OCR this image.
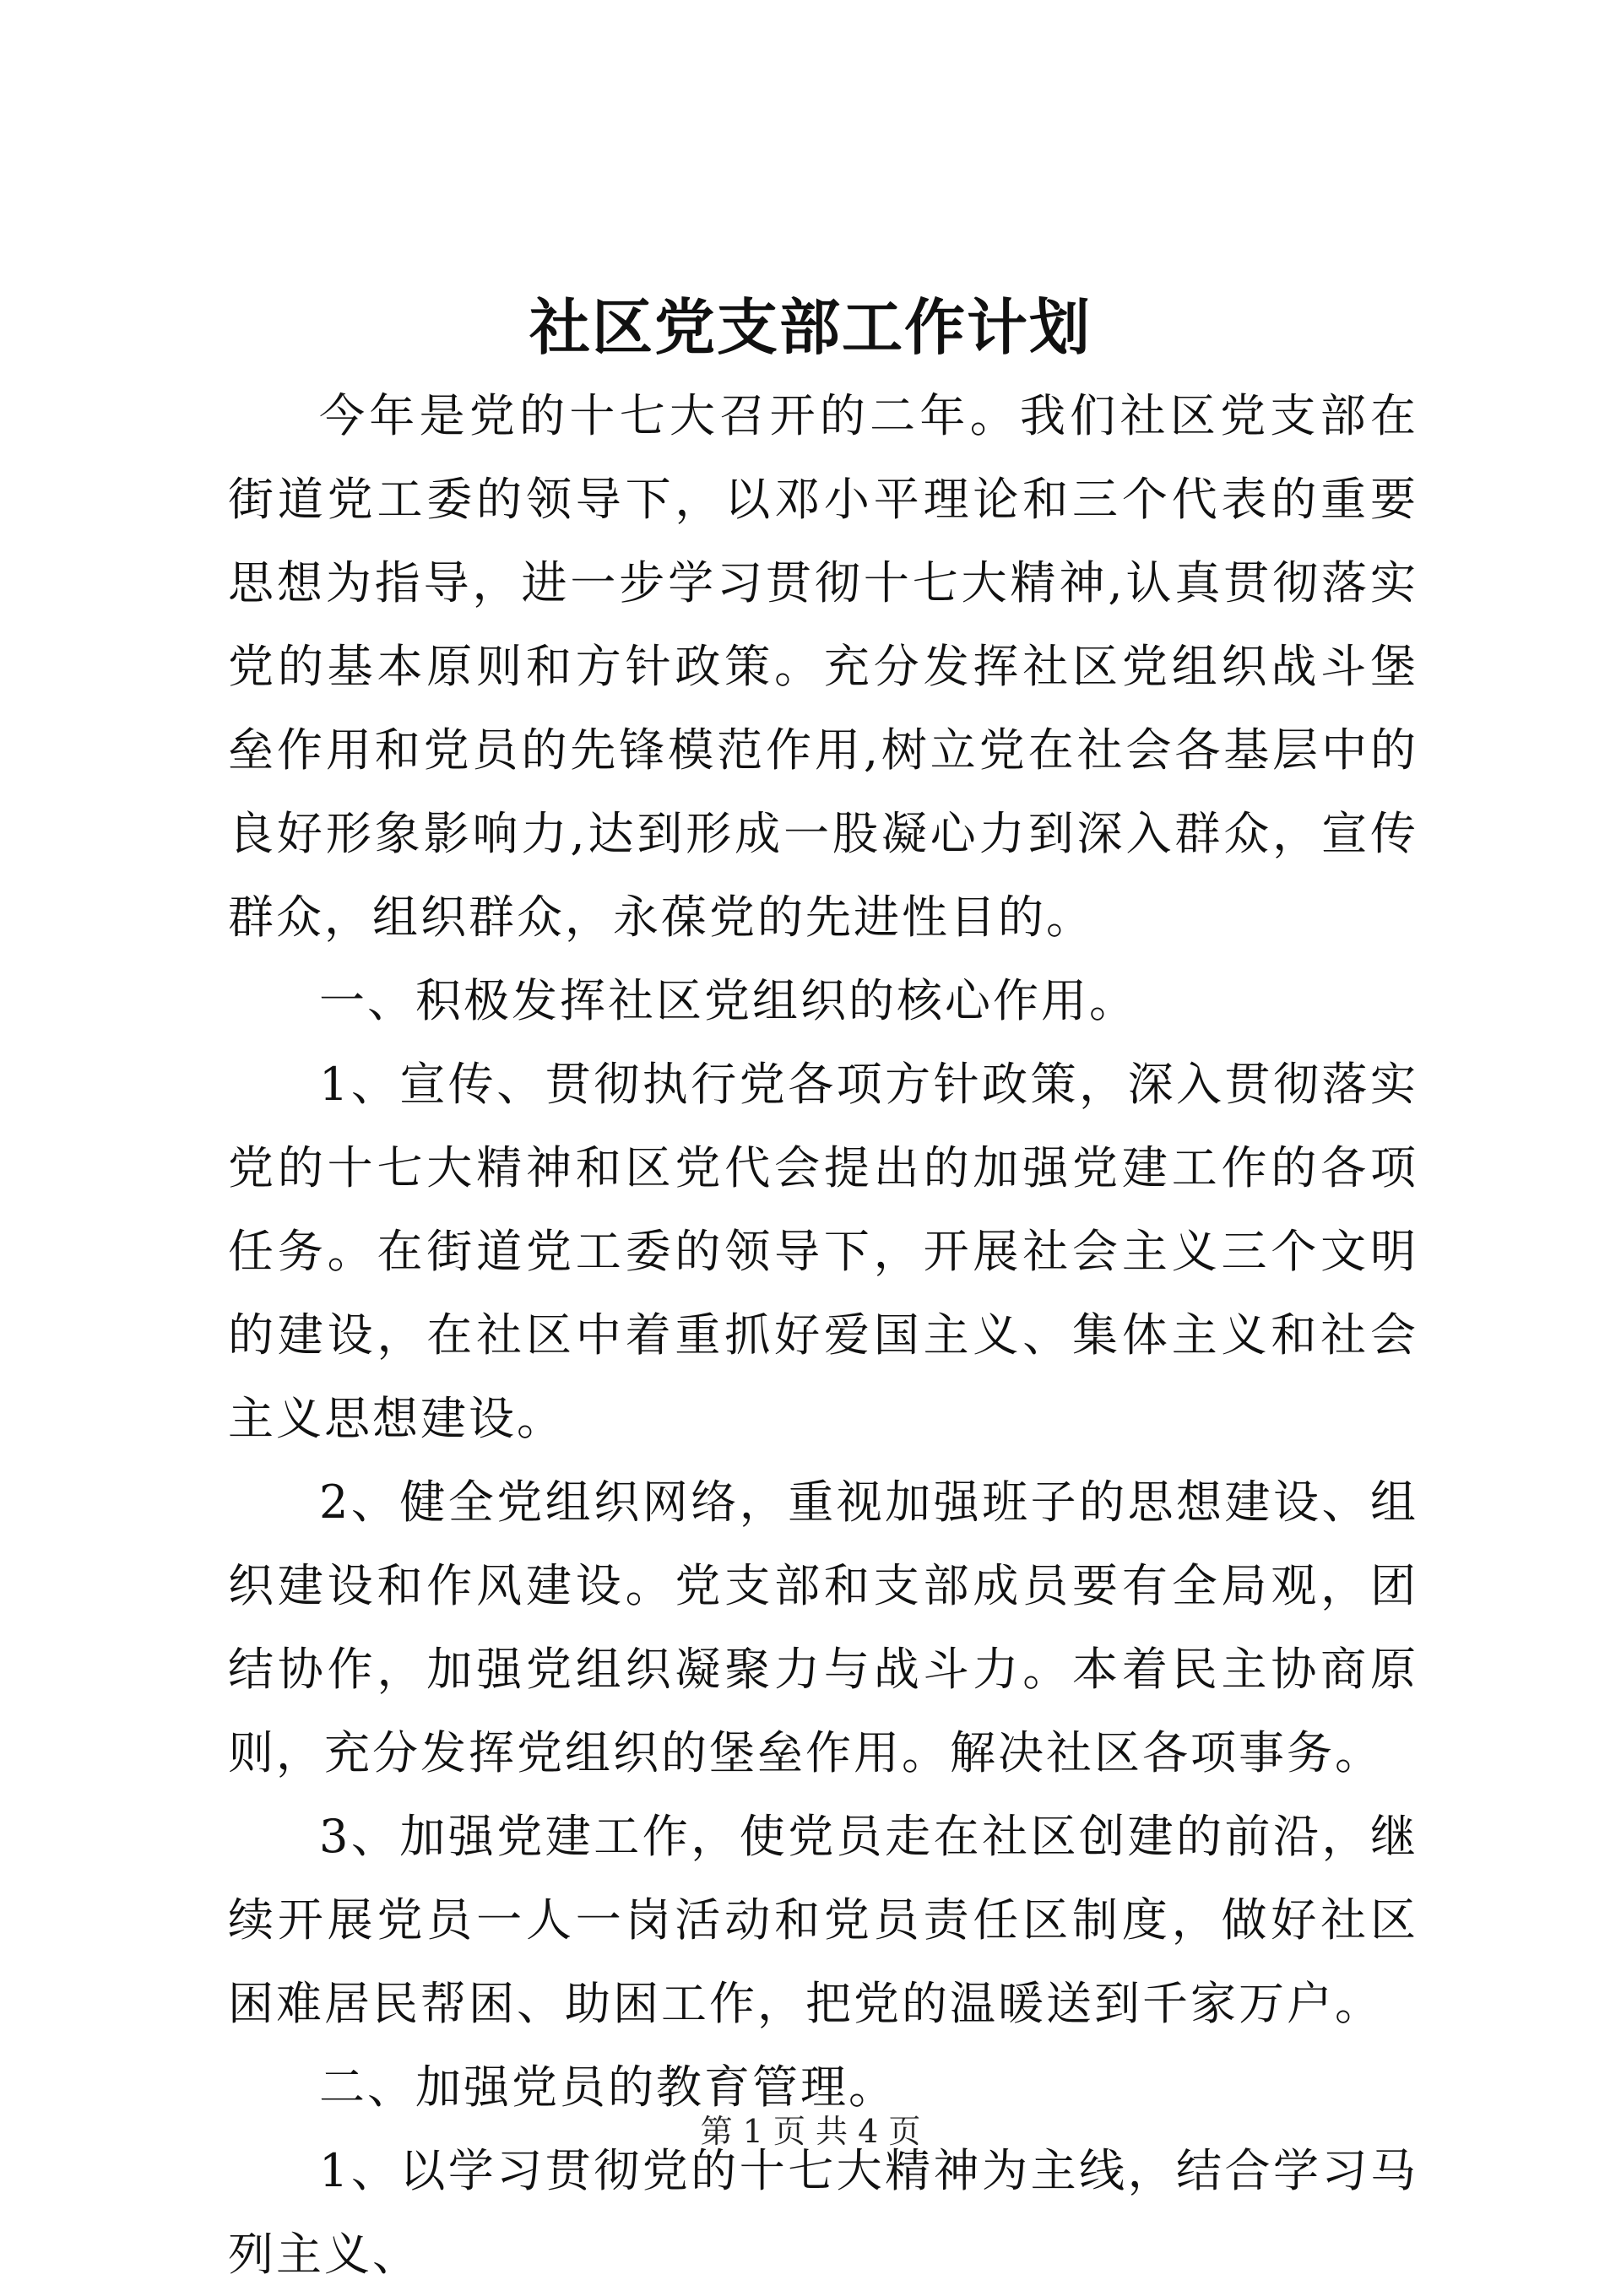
社区党支部工作计划

今年是党的十七大召开的二年。我们社区党支部在街道党工委的领导下，以邓小平理论和三个代表的重要思想为指导，进一步学习贯彻十七大精神,认真贯彻落实党的基本原则和方针政策。充分发挥社区党组织战斗堡垒作用和党员的先锋模范作用,树立党在社会各基层中的良好形象影响力,达到形成一股凝心力到深入群众，宣传群众，组织群众，永葆党的先进性目的。

一、积极发挥社区党组织的核心作用。

1、宣传、贯彻执行党各项方针政策，深入贯彻落实党的十七大精神和区党代会提出的加强党建工作的各项任务。在街道党工委的领导下，开展社会主义三个文明的建设，在社区中着重抓好爱国主义、集体主义和社会主义思想建设。

2、健全党组织网络，重视加强班子的思想建设、组织建设和作风建设。党支部和支部成员要有全局观，团结协作，加强党组织凝聚力与战斗力。本着民主协商原则，充分发挥党组织的堡垒作用。解决社区各项事务。

3、加强党建工作，使党员走在社区创建的前沿，继续开展党员一人一岗活动和党员责任区制度，做好社区困难居民帮困、助困工作，把党的温暖送到千家万户。

二、加强党员的教育管理。

1、以学习贯彻党的十七大精神为主线，结合学习马列主义、

第 1 页 共 4 页
